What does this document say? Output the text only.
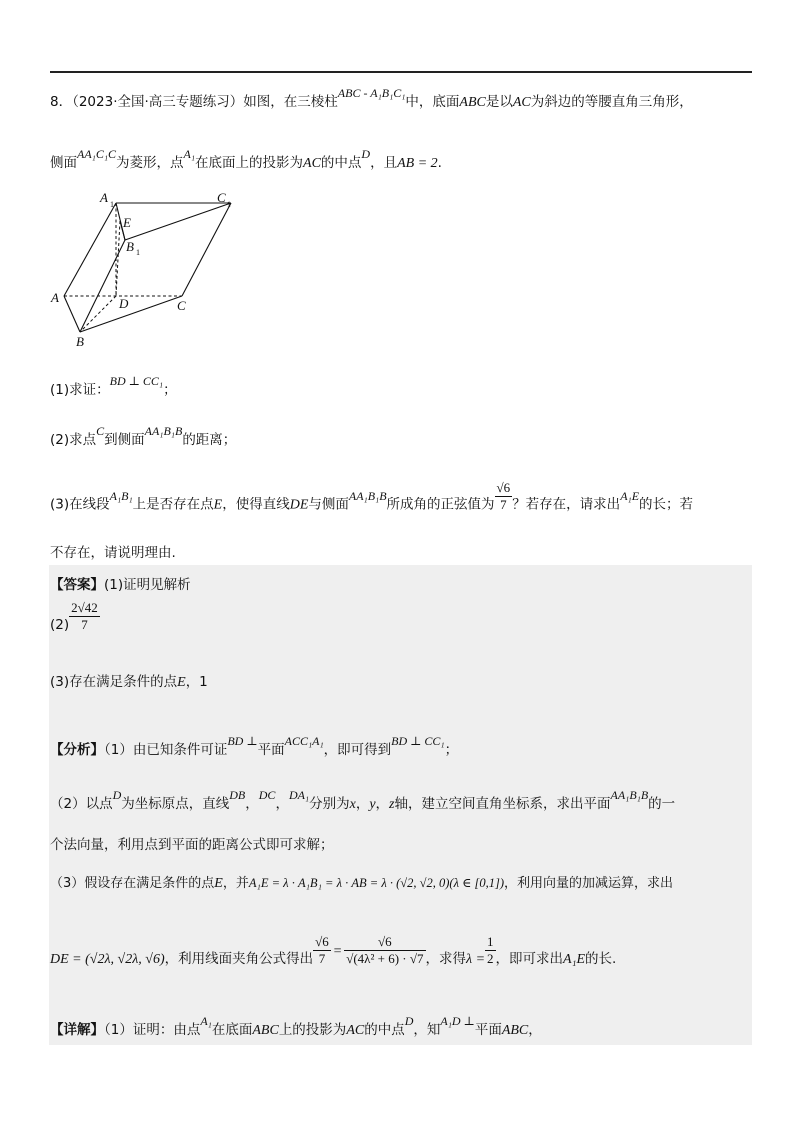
8．（2023·全国·高三专题练习）如图，在三棱柱ABC - A₁B₁C₁中，底面ABC是以AC为斜边的等腰直角三角形，
侧面AA₁C₁C为菱形，点A₁在底面上的投影为AC的中点D，且AB = 2.
A 1	C 1
E
B 1
A	D	C
B
(1)求证：BD ⊥ CC₁；
(2)求点C到侧面AA₁B₁B的距离；
(3)在线段A₁B₁上是否存在点E，使得直线DE与侧面AA₁B₁B所成角的正弦值为 $\frac{√6}{7}$ ？若存在，请求出A₁E的长；若
不存在，请说明理由.
【答案】(1)证明见解析
$(2) \frac{2√42}{7}$
(3)存在满足条件的点E，1
【分析】（1）由已知条件可证BD ⊥平面ACC₁A₁，即可得到BD ⊥ CC₁；
（2）以点D为坐标原点，直线DB，DC，DA₁分别为x，y，z轴，建立空间直角坐标系，求出平面AA₁B₁B的一
个法向量，利用点到平面的距离公式即可求解；
（3）假设存在满足条件的点E，并A₁E = λ · A₁B₁ = λ · AB = λ · (√2, √2, 0)(λ ∈ [0,1])，利用向量的加减运算，求出
DE = (√2λ, √2λ, √6)，利用线面夹角公式得出 $\frac{√6}{7} = \frac{√6}{\text{√(4λ² + 6) · √7}}$ ，求得$\lambda = \frac{1}{2}$ ，即可求出A₁E的长.
【详解】（1）证明：由点A₁在底面ABC上的投影为AC的中点D，知A₁D ⊥平面ABC，
